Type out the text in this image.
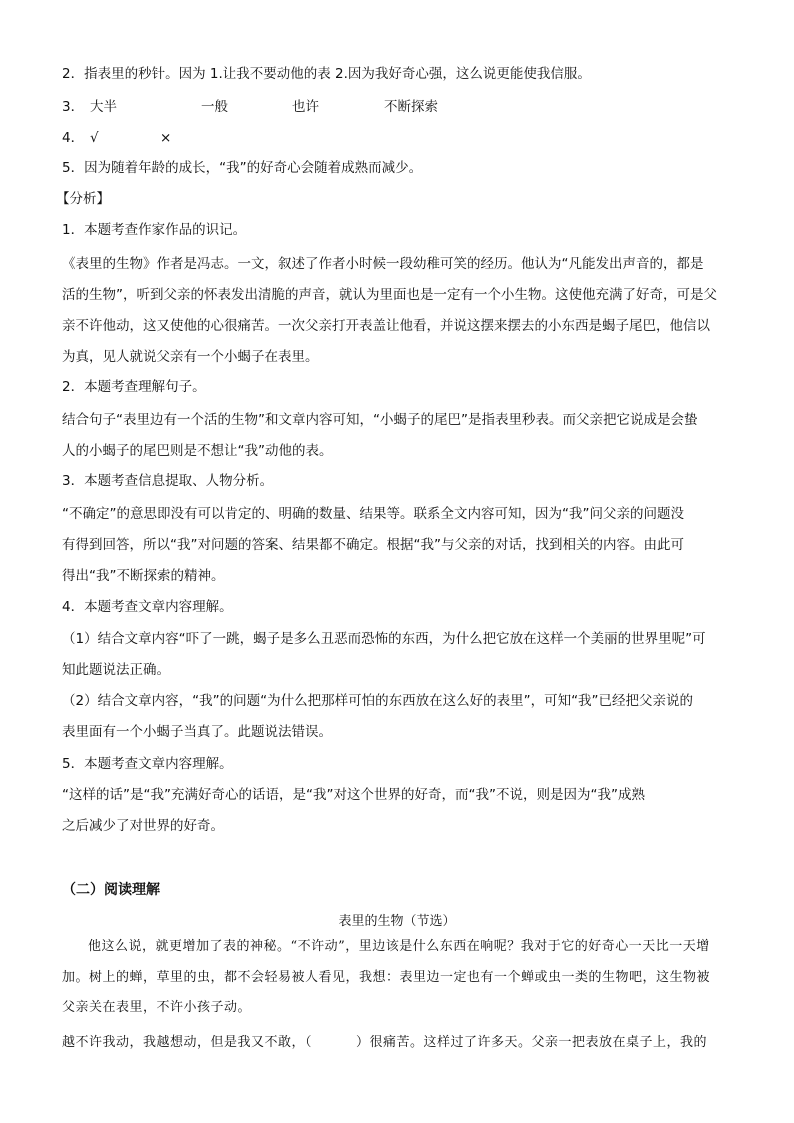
2．指表里的秒针。因为 1.让我不要动他的表 2.因为我好奇心强，这么说更能使我信服。
3． 大半	一般	也许	不断探索
4． √	×
5．因为随着年龄的成长，“我”的好奇心会随着成熟而减少。
【分析】
1．本题考查作家作品的识记。
《表里的生物》作者是冯志。一文，叙述了作者小时候一段幼稚可笑的经历。他认为“凡能发出声音的，都是
活的生物”，听到父亲的怀表发出清脆的声音，就认为里面也是一定有一个小生物。这使他充满了好奇，可是父
亲不许他动，这又使他的心很痛苦。一次父亲打开表盖让他看，并说这摆来摆去的小东西是蝎子尾巴，他信以
为真，见人就说父亲有一个小蝎子在表里。
2．本题考查理解句子。
结合句子“表里边有一个活的生物”和文章内容可知，“小蝎子的尾巴”是指表里秒表。而父亲把它说成是会蛰
人的小蝎子的尾巴则是不想让“我”动他的表。
3．本题考查信息提取、人物分析。
“不确定”的意思即没有可以肯定的、明确的数量、结果等。联系全文内容可知，因为“我”问父亲的问题没
有得到回答，所以“我”对问题的答案、结果都不确定。根据“我”与父亲的对话，找到相关的内容。由此可
得出“我”不断探索的精神。
4．本题考查文章内容理解。
（1）结合文章内容“吓了一跳，蝎子是多么丑恶而恐怖的东西，为什么把它放在这样一个美丽的世界里呢”可
知此题说法正确。
（2）结合文章内容，“我”的问题“为什么把那样可怕的东西放在这么好的表里”，可知“我”已经把父亲说的
表里面有一个小蝎子当真了。此题说法错误。
5．本题考查文章内容理解。
“这样的话”是“我”充满好奇心的话语，是“我”对这个世界的好奇，而“我”不说，则是因为“我”成熟
之后减少了对世界的好奇。
（二）阅读理解
表里的生物（节选）
他这么说，就更增加了表的神秘。“不许动”，里边该是什么东西在响呢？我对于它的好奇心一天比一天增
加。树上的蝉，草里的虫，都不会轻易被人看见，我想：表里边一定也有一个蝉或虫一类的生物吧，这生物被
父亲关在表里，不许小孩子动。
越不许我动，我越想动，但是我又不敢，（	）很痛苦。这样过了许多天。父亲一把表放在桌子上，我的
